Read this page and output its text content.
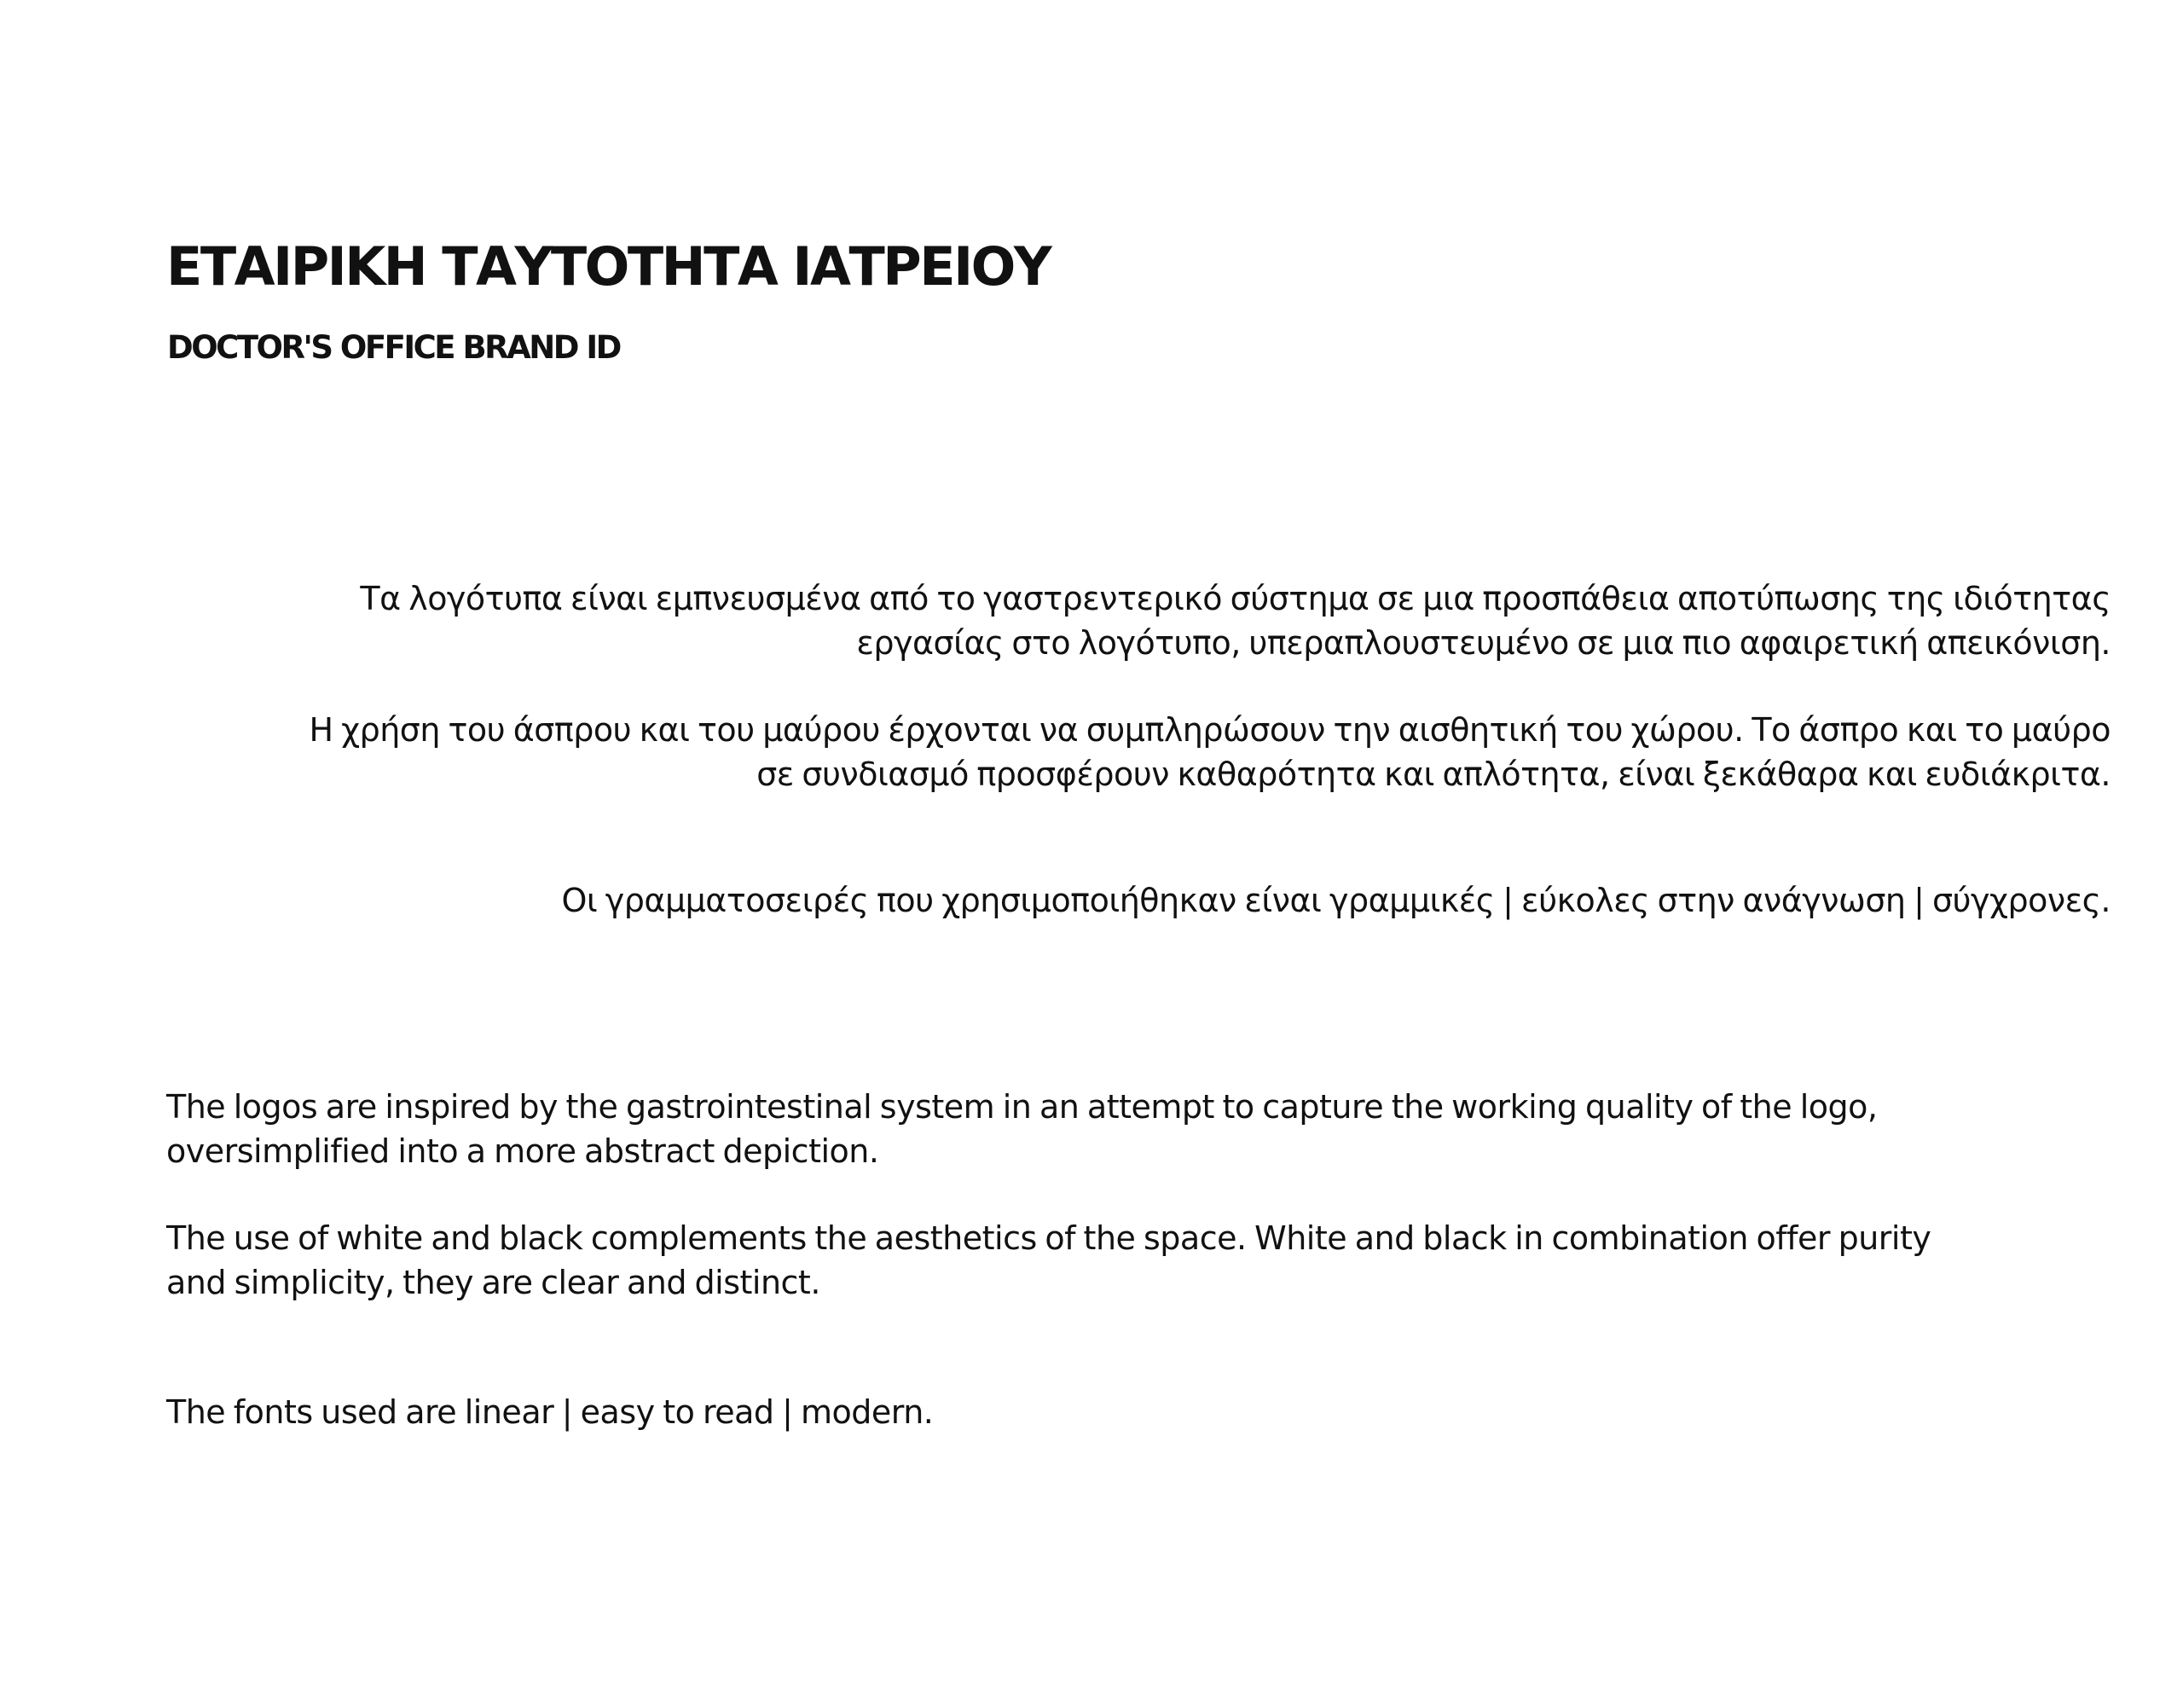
ΕΤΑΙΡΙΚΗ ΤΑΥΤΟΤΗΤΑ ΙΑΤΡΕΙΟΥ
DOCTOR'S OFFICE BRAND ID

Τα λογότυπα είναι εμπνευσμένα από το γαστρεντερικό σύστημα σε μια προσπάθεια αποτύπωσης της ιδιότητας
εργασίας στο λογότυπο, υπεραπλουστευμένο σε μια πιο αφαιρετική απεικόνιση.

Η χρήση του άσπρου και του μαύρου έρχονται να συμπληρώσουν την αισθητική του χώρου. Το άσπρο και το μαύρο
σε συνδιασμό προσφέρουν καθαρότητα και απλότητα, είναι ξεκάθαρα και ευδιάκριτα.

Οι γραμματοσειρές που χρησιμοποιήθηκαν είναι γραμμικές | εύκολες στην ανάγνωση | σύγχρονες.

The logos are inspired by the gastrointestinal system in an attempt to capture the working quality of the logo,
oversimplified into a more abstract depiction.

The use of white and black complements the aesthetics of the space. White and black in combination offer purity
and simplicity, they are clear and distinct.

The fonts used are linear | easy to read | modern.
